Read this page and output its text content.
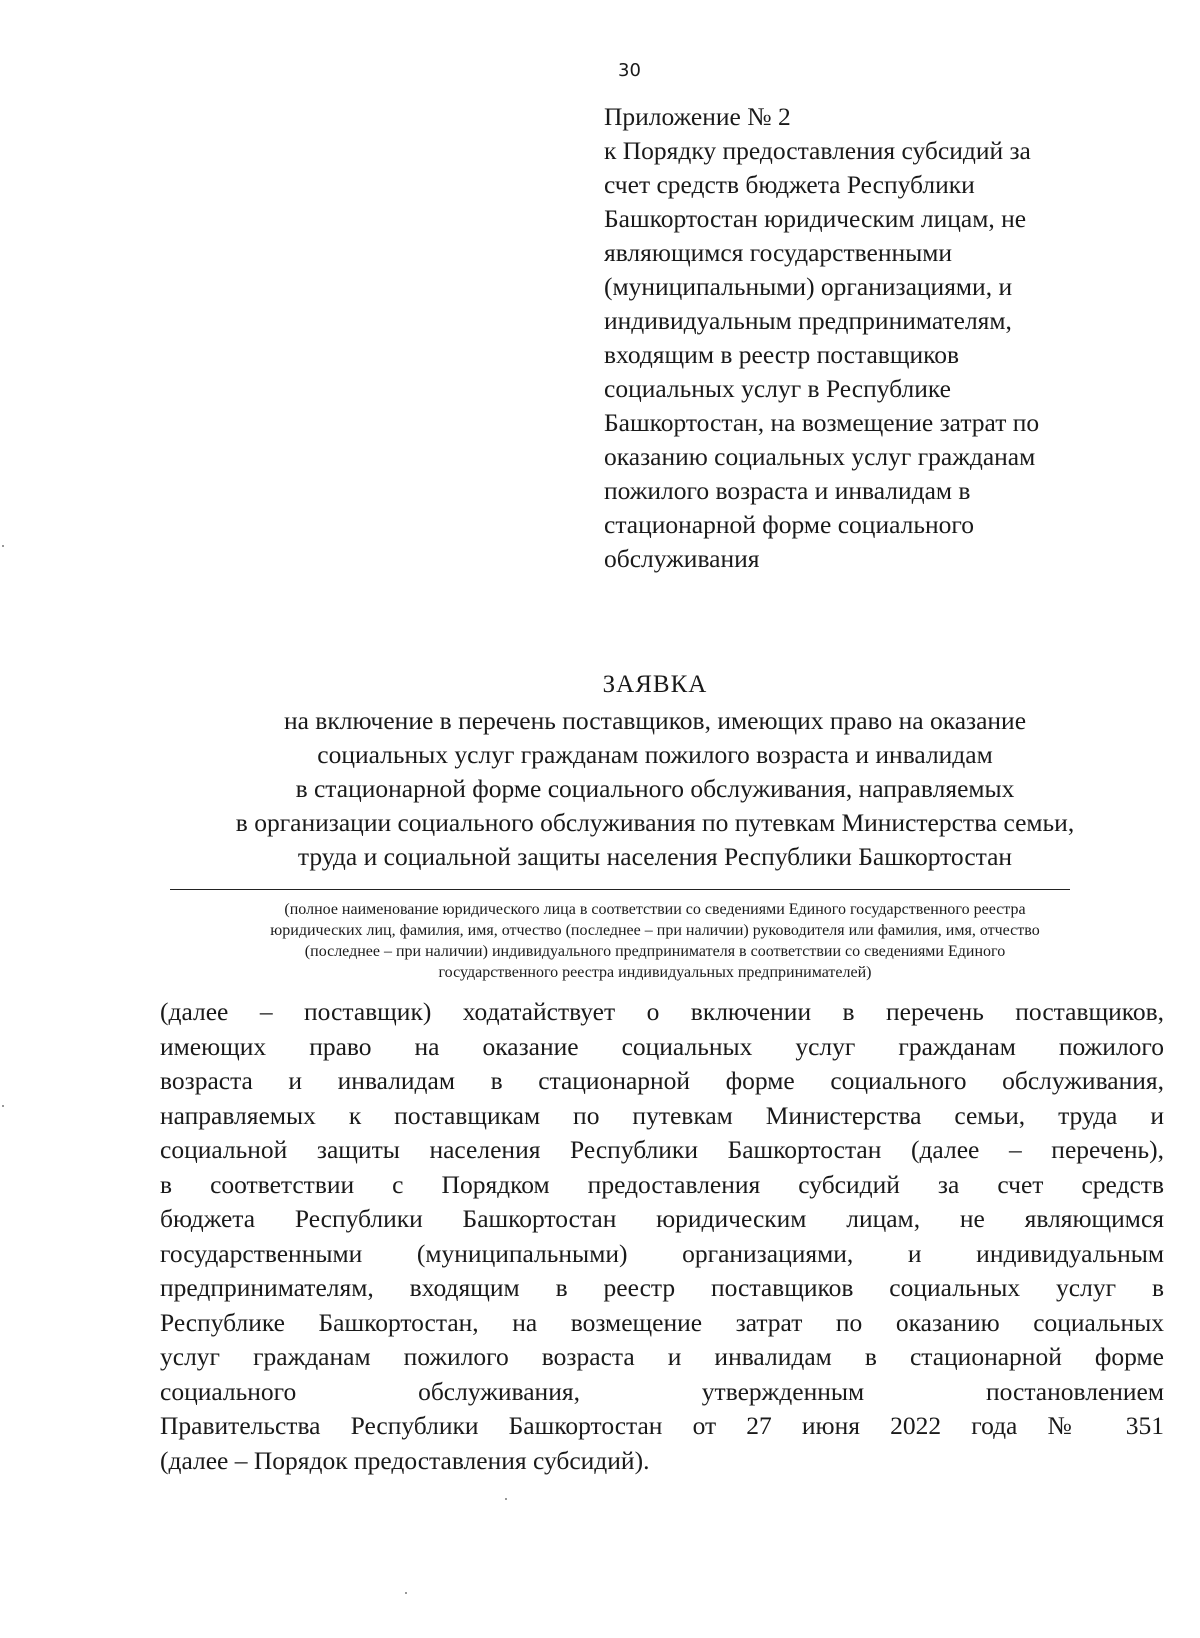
30
Приложение № 2
к Порядку предоставления субсидий за
счет средств бюджета Республики
Башкортостан юридическим лицам, не
являющимся государственными
(муниципальными) организациями, и
индивидуальным предпринимателям,
входящим в реестр поставщиков
социальных услуг в Республике
Башкортостан, на возмещение затрат по
оказанию социальных услуг гражданам
пожилого возраста и инвалидам в
стационарной форме социального
обслуживания
ЗАЯВКА
на включение в перечень поставщиков, имеющих право на оказание
социальных услуг гражданам пожилого возраста и инвалидам
в стационарной форме социального обслуживания, направляемых
в организации социального обслуживания по путевкам Министерства семьи,
труда и социальной защиты населения Республики Башкортостан
(полное наименование юридического лица в соответствии со сведениями Единого государственного реестра
юридических лиц, фамилия, имя, отчество (последнее – при наличии) руководителя или фамилия, имя, отчество
(последнее – при наличии) индивидуального предпринимателя в соответствии со сведениями Единого
государственного реестра индивидуальных предпринимателей)
(далее – поставщик) ходатайствует о включении в перечень поставщиков,
имеющих право на оказание социальных услуг гражданам пожилого
возраста и инвалидам в стационарной форме социального обслуживания,
направляемых к поставщикам по путевкам Министерства семьи, труда и
социальной защиты населения Республики Башкортостан (далее – перечень),
в соответствии с Порядком предоставления субсидий за счет средств
бюджета Республики Башкортостан юридическим лицам, не являющимся
государственными (муниципальными) организациями, и индивидуальным
предпринимателям, входящим в реестр поставщиков социальных услуг в
Республике Башкортостан, на возмещение затрат по оказанию социальных
услуг гражданам пожилого возраста и инвалидам в стационарной форме
социального обслуживания, утвержденным постановлением
Правительства Республики Башкортостан от 27 июня 2022 года № 351
(далее – Порядок предоставления субсидий).
